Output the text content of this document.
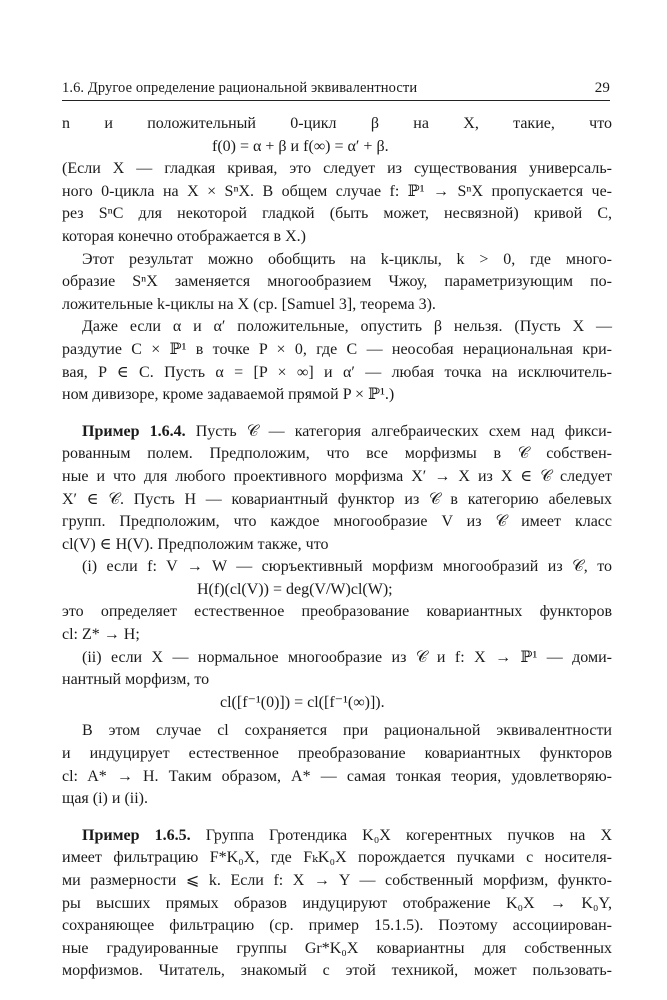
1.6. Другое определение рациональной эквивалентности	29
n и положительный 0-цикл β на X, такие, что
f(0) = α + β и f(∞) = α′ + β.
(Если X — гладкая кривая, это следует из существования универсаль-
ного 0-цикла на X × SⁿX. В общем случае f: ℙ¹ → SⁿX пропускается че-
рез SⁿC для некоторой гладкой (быть может, несвязной) кривой C,
которая конечно отображается в X.)
Этот результат можно обобщить на k-циклы, k > 0, где много-
образие SⁿX заменяется многообразием Чжоу, параметризующим по-
ложительные k-циклы на X (ср. [Samuel 3], теорема 3).
Даже если α и α′ положительные, опустить β нельзя. (Пусть X —
раздутие C × ℙ¹ в точке P × 0, где C — неособая нерациональная кри-
вая, P ∈ C. Пусть α = [P × ∞] и α′ — любая точка на исключитель-
ном дивизоре, кроме задаваемой прямой P × ℙ¹.)
Пример 1.6.4. Пусть 𝒞 — категория алгебраических схем над фикси-
рованным полем. Предположим, что все морфизмы в 𝒞 собствен-
ные и что для любого проективного морфизма X′ → X из X ∈ 𝒞 следует
X′ ∈ 𝒞. Пусть H — ковариантный функтор из 𝒞 в категорию абелевых
групп. Предположим, что каждое многообразие V из 𝒞 имеет класс
cl(V) ∈ H(V). Предположим также, что
(i) если f: V → W — сюръективный морфизм многообразий из 𝒞, то
H(f)(cl(V)) = deg(V/W)cl(W);
это определяет естественное преобразование ковариантных функторов
cl: Z* → H;
(ii) если X — нормальное многообразие из 𝒞 и f: X → ℙ¹ — доми-
нантный морфизм, то
cl([f⁻¹(0)]) = cl([f⁻¹(∞)]).
В этом случае cl сохраняется при рациональной эквивалентности
и индуцирует естественное преобразование ковариантных функторов
cl: A* → H. Таким образом, A* — самая тонкая теория, удовлетворяю-
щая (i) и (ii).
Пример 1.6.5. Группа Гротендика K₀X когерентных пучков на X
имеет фильтрацию F*K₀X, где FₖK₀X порождается пучками с носителя-
ми размерности ⩽ k. Если f: X → Y — собственный морфизм, функто-
ры высших прямых образов индуцируют отображение K₀X → K₀Y,
сохраняющее фильтрацию (ср. пример 15.1.5). Поэтому ассоциирован-
ные градуированные группы Gr*K₀X ковариантны для собственных
морфизмов. Читатель, знакомый с этой техникой, может пользовать-
